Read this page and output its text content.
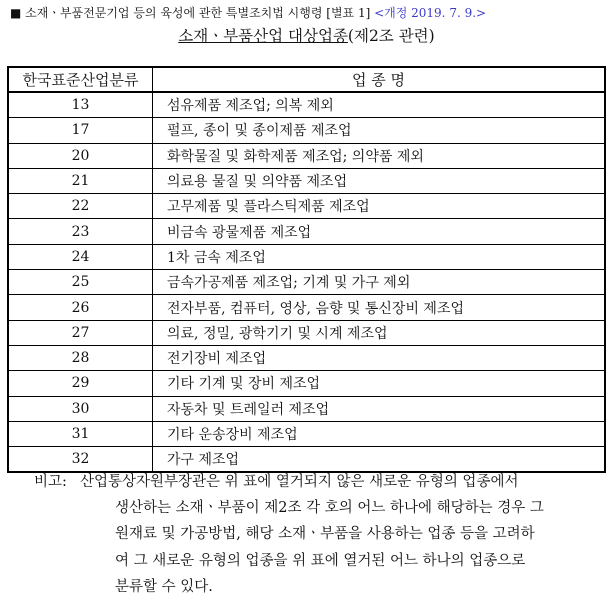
■ 소재ㆍ부품전문기업 등의 육성에 관한 특별조치법 시행령 [별표 1] <개정 2019. 7. 9.>
소재ㆍ부품산업 대상업종(제2조 관련)
한국표준산업분류	업 종 명
13	섬유제품 제조업; 의복 제외
17	펄프, 종이 및 종이제품 제조업
20	화학물질 및 화학제품 제조업; 의약품 제외
21	의료용 물질 및 의약품 제조업
22	고무제품 및 플라스틱제품 제조업
23	비금속 광물제품 제조업
24	1차 금속 제조업
25	금속가공제품 제조업; 기계 및 가구 제외
26	전자부품, 컴퓨터, 영상, 음향 및 통신장비 제조업
27	의료, 정밀, 광학기기 및 시계 제조업
28	전기장비 제조업
29	기타 기계 및 장비 제조업
30	자동차 및 트레일러 제조업
31	기타 운송장비 제조업
32	가구 제조업
비고: 산업통상자원부장관은 위 표에 열거되지 않은 새로운 유형의 업종에서
생산하는 소재ㆍ부품이 제2조 각 호의 어느 하나에 해당하는 경우 그
원재료 및 가공방법, 해당 소재ㆍ부품을 사용하는 업종 등을 고려하
여 그 새로운 유형의 업종을 위 표에 열거된 어느 하나의 업종으로
분류할 수 있다.
